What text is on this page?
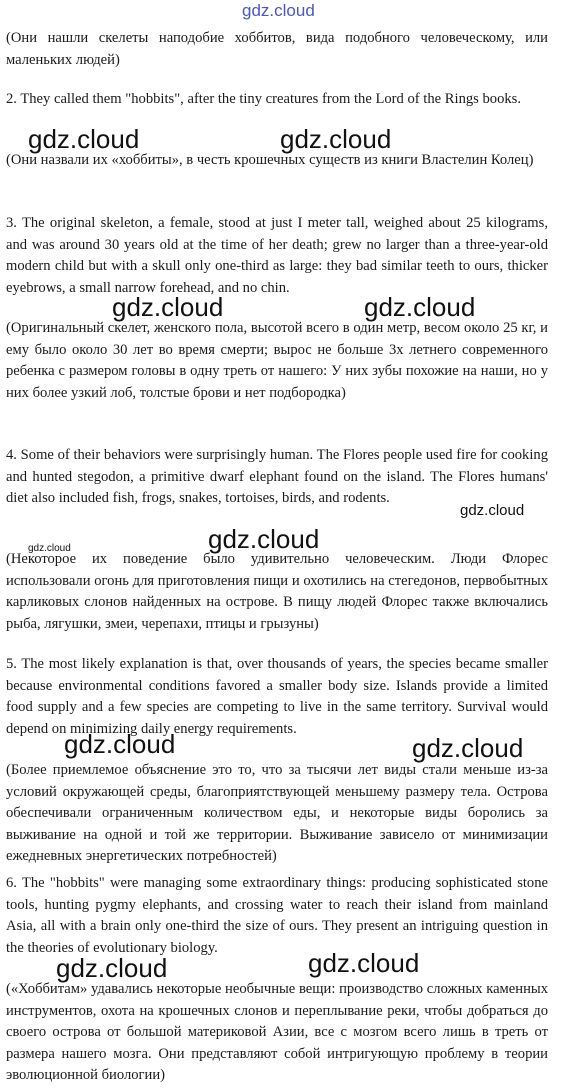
(Они нашли скелеты наподобие хоббитов, вида подобного человеческому, или маленьких людей)

2. They called them "hobbits", after the tiny creatures from the Lord of the Rings books.

(Они назвали их «хоббиты», в честь крошечных существ из книги Властелин Колец)

3. The original skeleton, a female, stood at just I meter tall, weighed about 25 kilograms, and was around 30 years old at the time of her death; grew no larger than a three-year-old modern child but with a skull only one-third as large: they bad similar teeth to ours, thicker eyebrows, a small narrow forehead, and no chin.

(Оригинальный скелет, женского пола, высотой всего в один метр, весом около 25 кг, и ему было около 30 лет во время смерти; вырос не больше 3х летнего современного ребенка с размером головы в одну треть от нашего: У них зубы похожие на наши, но у них более узкий лоб, толстые брови и нет подбородка)

4. Some of their behaviors were surprisingly human. The Flores people used fire for cooking and hunted stegodon, a primitive dwarf elephant found on the island. The Flores humans' diet also included fish, frogs, snakes, tortoises, birds, and rodents.

(Некоторое их поведение было удивительно человеческим. Люди Флорес использовали огонь для приготовления пищи и охотились на стегедонов, первобытных карликовых слонов найденных на острове. В пищу людей Флорес также включались рыба, лягушки, змеи, черепахи, птицы и грызуны)

5. The most likely explanation is that, over thousands of years, the species became smaller because environmental conditions favored a smaller body size. Islands provide a limited food supply and a few species are competing to live in the same territory. Survival would depend on minimizing daily energy requirements.

(Более приемлемое объяснение это то, что за тысячи лет виды стали меньше из-за условий окружающей среды, благоприятствующей меньшему размеру тела. Острова обеспечивали ограниченным количеством еды, и некоторые виды боролись за выживание на одной и той же территории. Выживание зависело от минимизации ежедневных энергетических потребностей)

6. The "hobbits" were managing some extraordinary things: producing sophisticated stone tools, hunting pygmy elephants, and crossing water to reach their island from mainland Asia, all with a brain only one-third the size of ours. They present an intriguing question in the theories of evolutionary biology.

(«Хоббитам» удавались некоторые необычные вещи: производство сложных каменных инструментов, охота на крошечных слонов и переплывание реки, чтобы добраться до своего острова от большой материковой Азии, все с мозгом всего лишь в треть от размера нашего мозга. Они представляют собой интригующую проблему в теории эволюционной биологии)

gdz.cloud
gdz.cloud	gdz.cloud
gdz.cloud	gdz.cloud
gdz.cloud
gdz.cloud
gdz.cloud
gdz.cloud	gdz.cloud
gdz.cloud	gdz.cloud
